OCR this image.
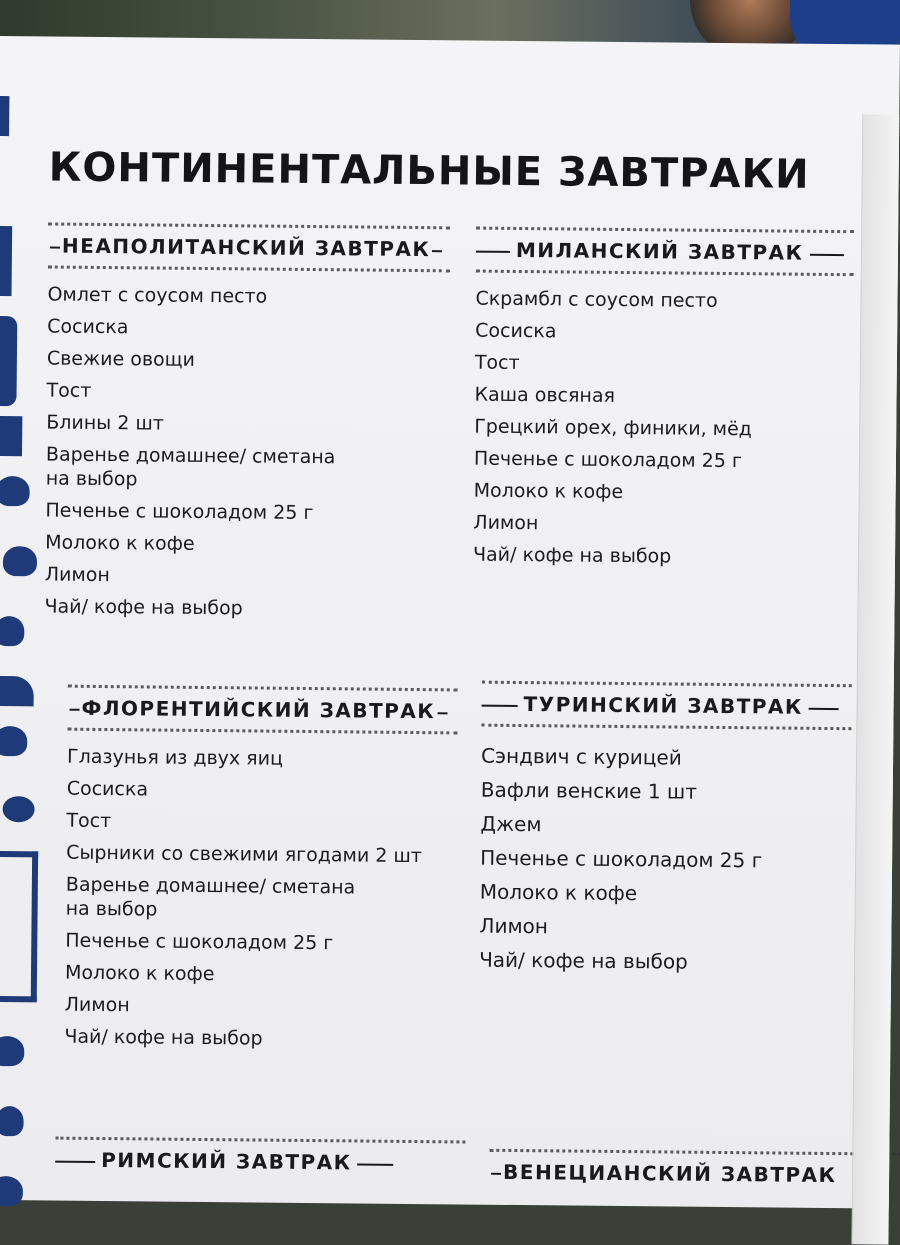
КОНТИНЕНТАЛЬНЫЕ ЗАВТРАКИ
НЕАПОЛИТАНСКИЙ ЗАВТРАК
Омлет с соусом песто
Сосиска
Свежие овощи
Тост
Блины 2 шт
Варенье домашнее/ сметана
на выбор
Печенье с шоколадом 25 г
Молоко к кофе
Лимон
Чай/ кофе на выбор
МИЛАНСКИЙ ЗАВТРАК
Скрамбл с соусом песто
Сосиска
Тост
Каша овсяная
Грецкий орех, финики, мёд
Печенье с шоколадом 25 г
Молоко к кофе
Лимон
Чай/ кофе на выбор
ФЛОРЕНТИЙСКИЙ ЗАВТРАК
Глазунья из двух яиц
Сосиска
Тост
Сырники со свежими ягодами 2 шт
Варенье домашнее/ сметана
на выбор
Печенье с шоколадом 25 г
Молоко к кофе
Лимон
Чай/ кофе на выбор
ТУРИНСКИЙ ЗАВТРАК
Сэндвич с курицей
Вафли венские 1 шт
Джем
Печенье с шоколадом 25 г
Молоко к кофе
Лимон
Чай/ кофе на выбор
РИМСКИЙ ЗАВТРАК	ВЕНЕЦИАНСКИЙ ЗАВТРАК
